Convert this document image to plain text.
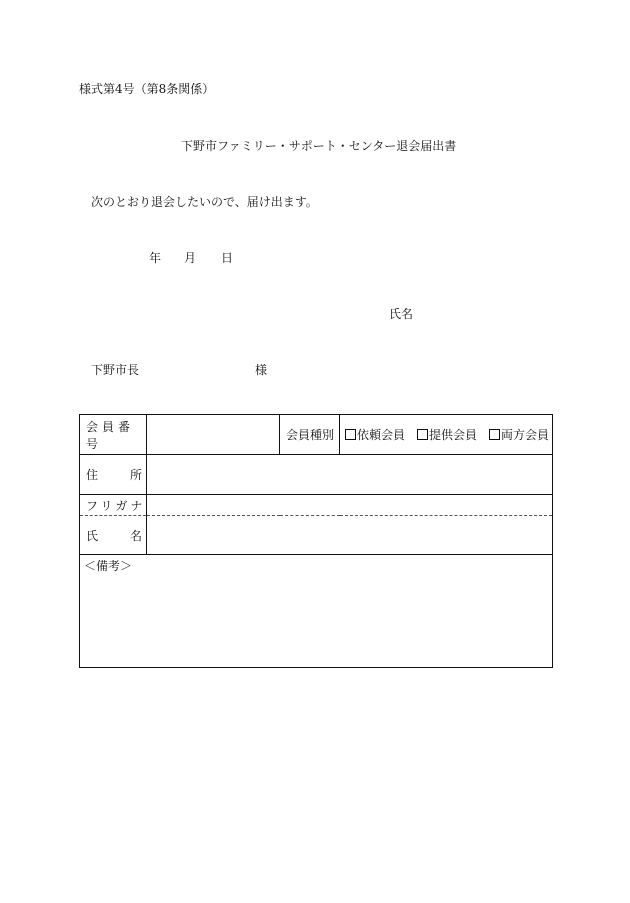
様式第4号（第8条関係）
下野市ファミリー・サポート・センター退会届出書
次のとおり退会したいので、届け出ます。
年 月 日
氏名
下野市長	様
会員番号		会員種別	依頼会員 提供会員 両方会員

住 所			

フリガナ			

氏 名			

＜備考＞			
